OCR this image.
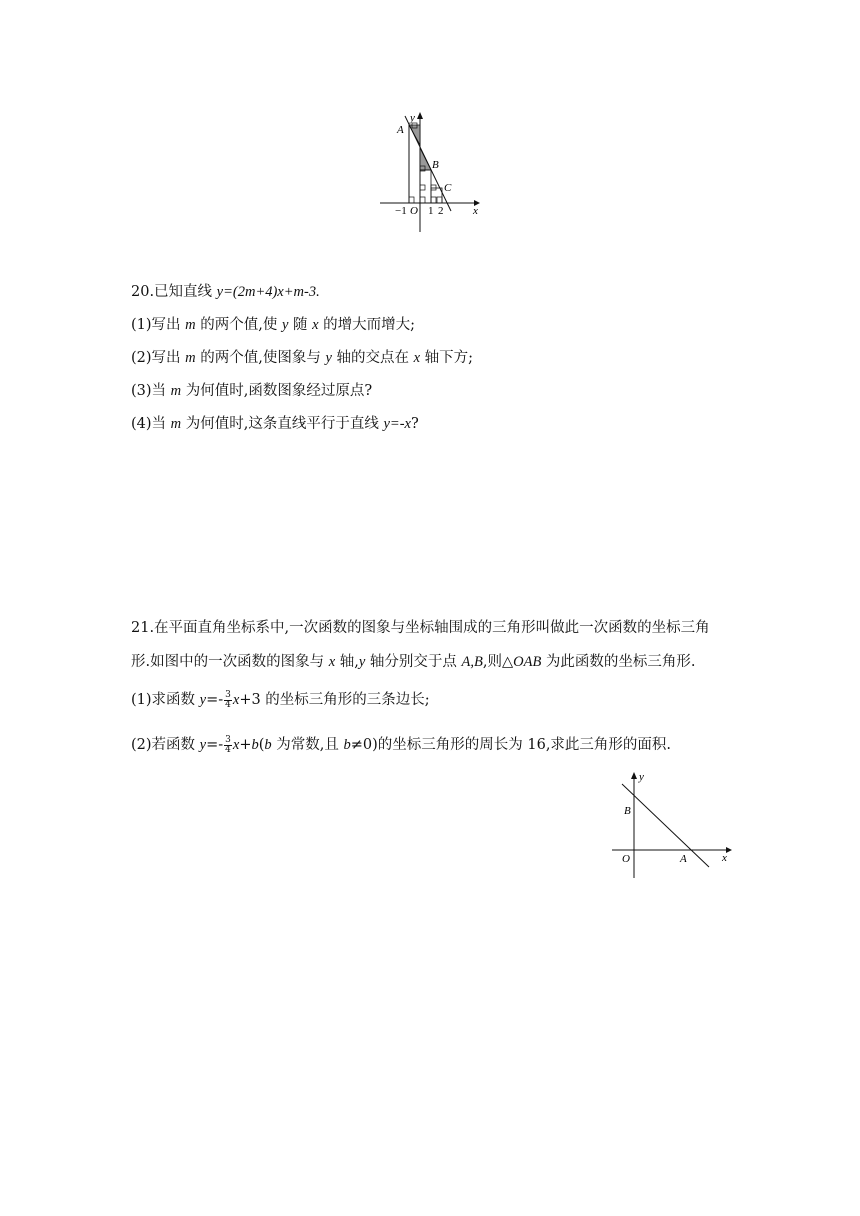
y
x
A
B
C
O
−1 1 2
20.已知直线 y=(2m+4)x+m-3.
(1)写出 m 的两个值,使 y 随 x 的增大而增大;
(2)写出 m 的两个值,使图象与 y 轴的交点在 x 轴下方;
(3)当 m 为何值时,函数图象经过原点?
(4)当 m 为何值时,这条直线平行于直线 y=-x?
21.在平面直角坐标系中,一次函数的图象与坐标轴围成的三角形叫做此一次函数的坐标三角
形.如图中的一次函数的图象与 x 轴,y 轴分别交于点 A,B,则△OAB 为此函数的坐标三角形.
(1)求函数 $y=- \frac{3}{4} x+3$ 的坐标三角形的三条边长;
(2)若函数 $y=- \frac{3}{4} x+b(b$ 为常数,且 b≠0)的坐标三角形的周长为 16,求此三角形的面积.
y
x
B
O	A
